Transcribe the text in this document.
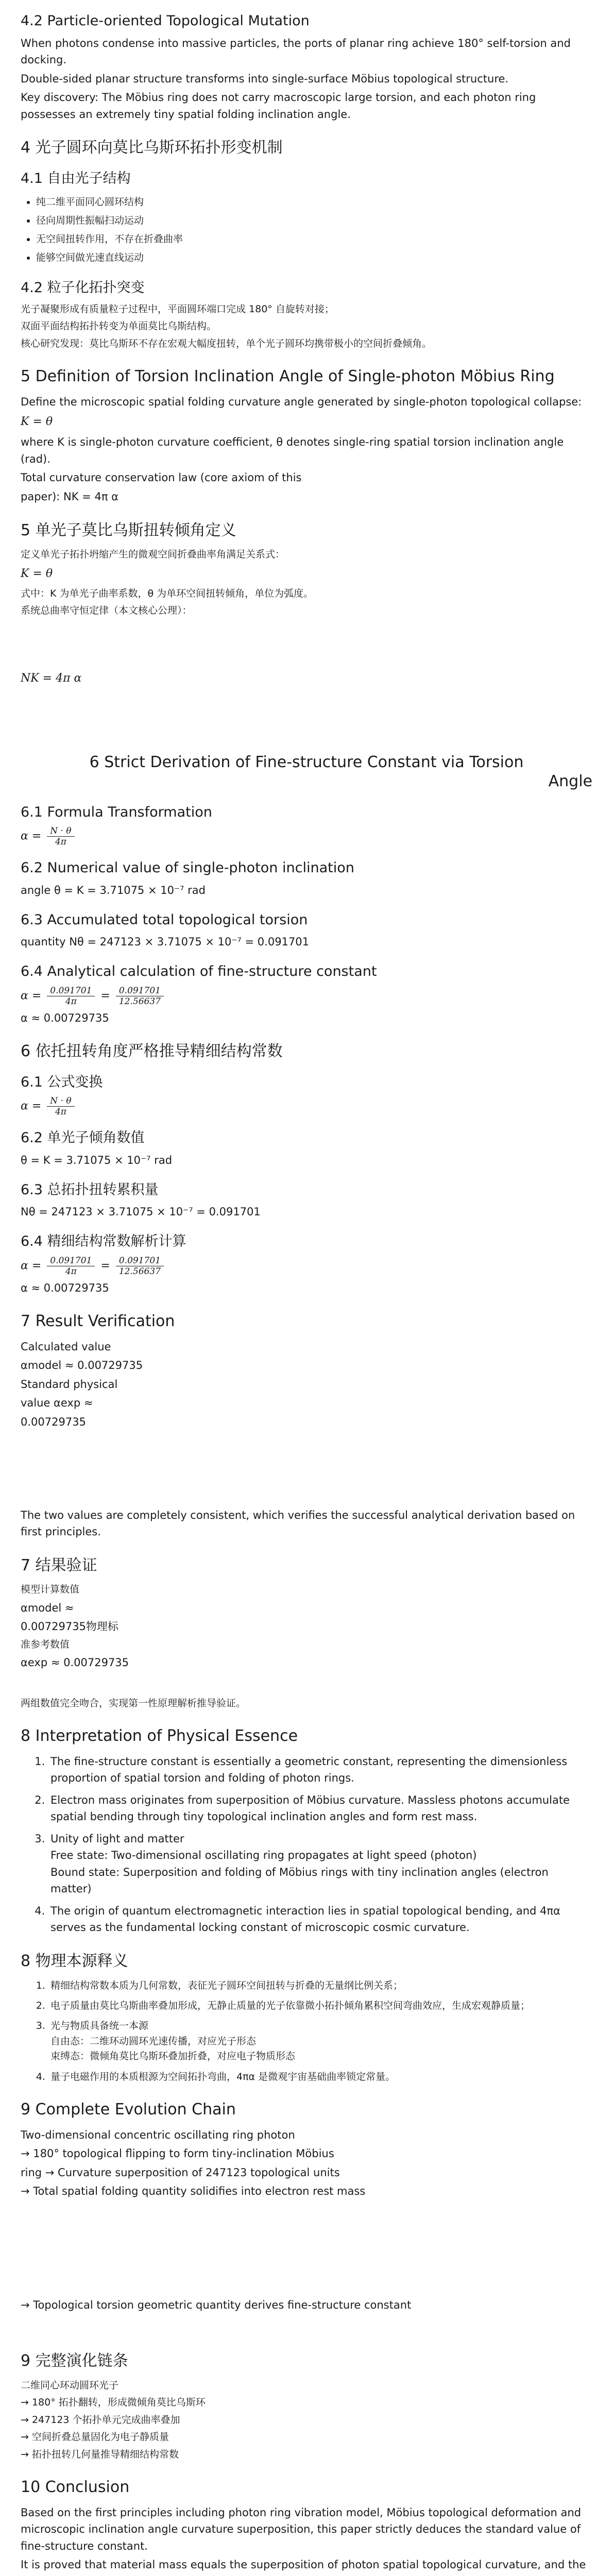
4.2 Particle-oriented Topological Mutation

When photons condense into massive particles, the ports of planar ring achieve 180° self-torsion and docking.

Double-sided planar structure transforms into single-surface Möbius topological structure.

Key discovery: The Möbius ring does not carry macroscopic large torsion, and each photon ring possesses an extremely tiny spatial folding inclination angle.

4 光子圆环向莫比乌斯环拓扑形变机制
4.1 自由光子结构
• 纯二维平面同心圆环结构
• 径向周期性振幅扫动运动
• 无空间扭转作用，不存在折叠曲率
• 能够空间做光速直线运动
4.2 粒子化拓扑突变

光子凝聚形成有质量粒子过程中，平面圆环端口完成 180° 自旋转对接；

双面平面结构拓扑转变为单面莫比乌斯结构。

核心研究发现：莫比乌斯环不存在宏观大幅度扭转，单个光子圆环均携带极小的空间折叠倾角。

5 Definition of Torsion Inclination Angle of Single-photon Möbius Ring

Define the microscopic spatial folding curvature angle generated by single-photon topological collapse:

K = θ

where K is single-photon curvature coefficient, θ denotes single-ring spatial torsion inclination angle (rad).

Total curvature conservation law (core axiom of this

paper): NK = 4π α

5 单光子莫比乌斯扭转倾角定义

定义单光子拓扑坍缩产生的微观空间折叠曲率角满足关系式：

K = θ

式中：K 为单光子曲率系数，θ 为单环空间扭转倾角，单位为弧度。

系统总曲率守恒定律（本文核心公理）：

NK = 4π α

6 Strict Derivation of Fine-structure Constant via Torsion

Angle
6.1 Formula Transformation
$\alpha = \frac{N \cdot \theta}{4\pi}$
6.2 Numerical value of single-photon inclination

angle θ = K = 3.71075 × 10⁻⁷ rad

6.3 Accumulated total topological torsion

quantity Nθ = 247123 × 3.71075 × 10⁻⁷ = 0.091701

6.4 Analytical calculation of fine-structure constant
$\alpha = \frac{0.091701}{4\pi} = \frac{0.091701}{12.56637}$

α ≈ 0.00729735

6 依托扭转角度严格推导精细结构常数
6.1 公式变换
$\alpha = \frac{N \cdot \theta}{4\pi}$
6.2 单光子倾角数值

θ = K = 3.71075 × 10⁻⁷ rad

6.3 总拓扑扭转累积量

Nθ = 247123 × 3.71075 × 10⁻⁷ = 0.091701

6.4 精细结构常数解析计算
$\alpha = \frac{0.091701}{4\pi} = \frac{0.091701}{12.56637}$

α ≈ 0.00729735

7 Result Verification

Calculated value

αmodel ≈ 0.00729735

Standard physical

value αexp ≈

0.00729735

The two values are completely consistent, which verifies the successful analytical derivation based on first principles.

7 结果验证

模型计算数值

αmodel ≈

0.00729735物理标

准参考数值

αexp ≈ 0.00729735

两组数值完全吻合，实现第一性原理解析推导验证。

8 Interpretation of Physical Essence
1. The fine-structure constant is essentially a geometric constant, representing the dimensionless proportion of spatial torsion and folding of photon rings.
2. Electron mass originates from superposition of Möbius curvature. Massless photons accumulate spatial bending through tiny topological inclination angles and form rest mass.
3. Unity of light and matter
Free state: Two-dimensional oscillating ring propagates at light speed (photon)
Bound state: Superposition and folding of Möbius rings with tiny inclination angles (electron matter)
4. The origin of quantum electromagnetic interaction lies in spatial topological bending, and 4πα serves as the fundamental locking constant of microscopic cosmic curvature.
8 物理本源释义
1. 精细结构常数本质为几何常数，表征光子圆环空间扭转与折叠的无量纲比例关系；
2. 电子质量由莫比乌斯曲率叠加形成，无静止质量的光子依靠微小拓扑倾角累积空间弯曲效应，生成宏观静质量；
3. 光与物质具备统一本源
自由态：二维环动圆环光速传播，对应光子形态
束缚态：微倾角莫比乌斯环叠加折叠，对应电子物质形态
4. 量子电磁作用的本质根源为空间拓扑弯曲，4πα 是微观宇宙基础曲率锁定常量。
9 Complete Evolution Chain

Two-dimensional concentric oscillating ring photon

→ 180° topological flipping to form tiny-inclination Möbius

ring → Curvature superposition of 247123 topological units

→ Total spatial folding quantity solidifies into electron rest mass

→ Topological torsion geometric quantity derives fine-structure constant

9 完整演化链条

二维同心环动圆环光子

→ 180° 拓扑翻转，形成微倾角莫比乌斯环

→ 247123 个拓扑单元完成曲率叠加

→ 空间折叠总量固化为电子静质量

→ 拓扑扭转几何量推导精细结构常数

10 Conclusion

Based on the first principles including photon ring vibration model, Möbius topological deformation and microscopic inclination angle curvature superposition, this paper strictly deduces the standard value of fine-structure constant.

It is proved that material mass equals the superposition of photon spatial topological curvature, and the
